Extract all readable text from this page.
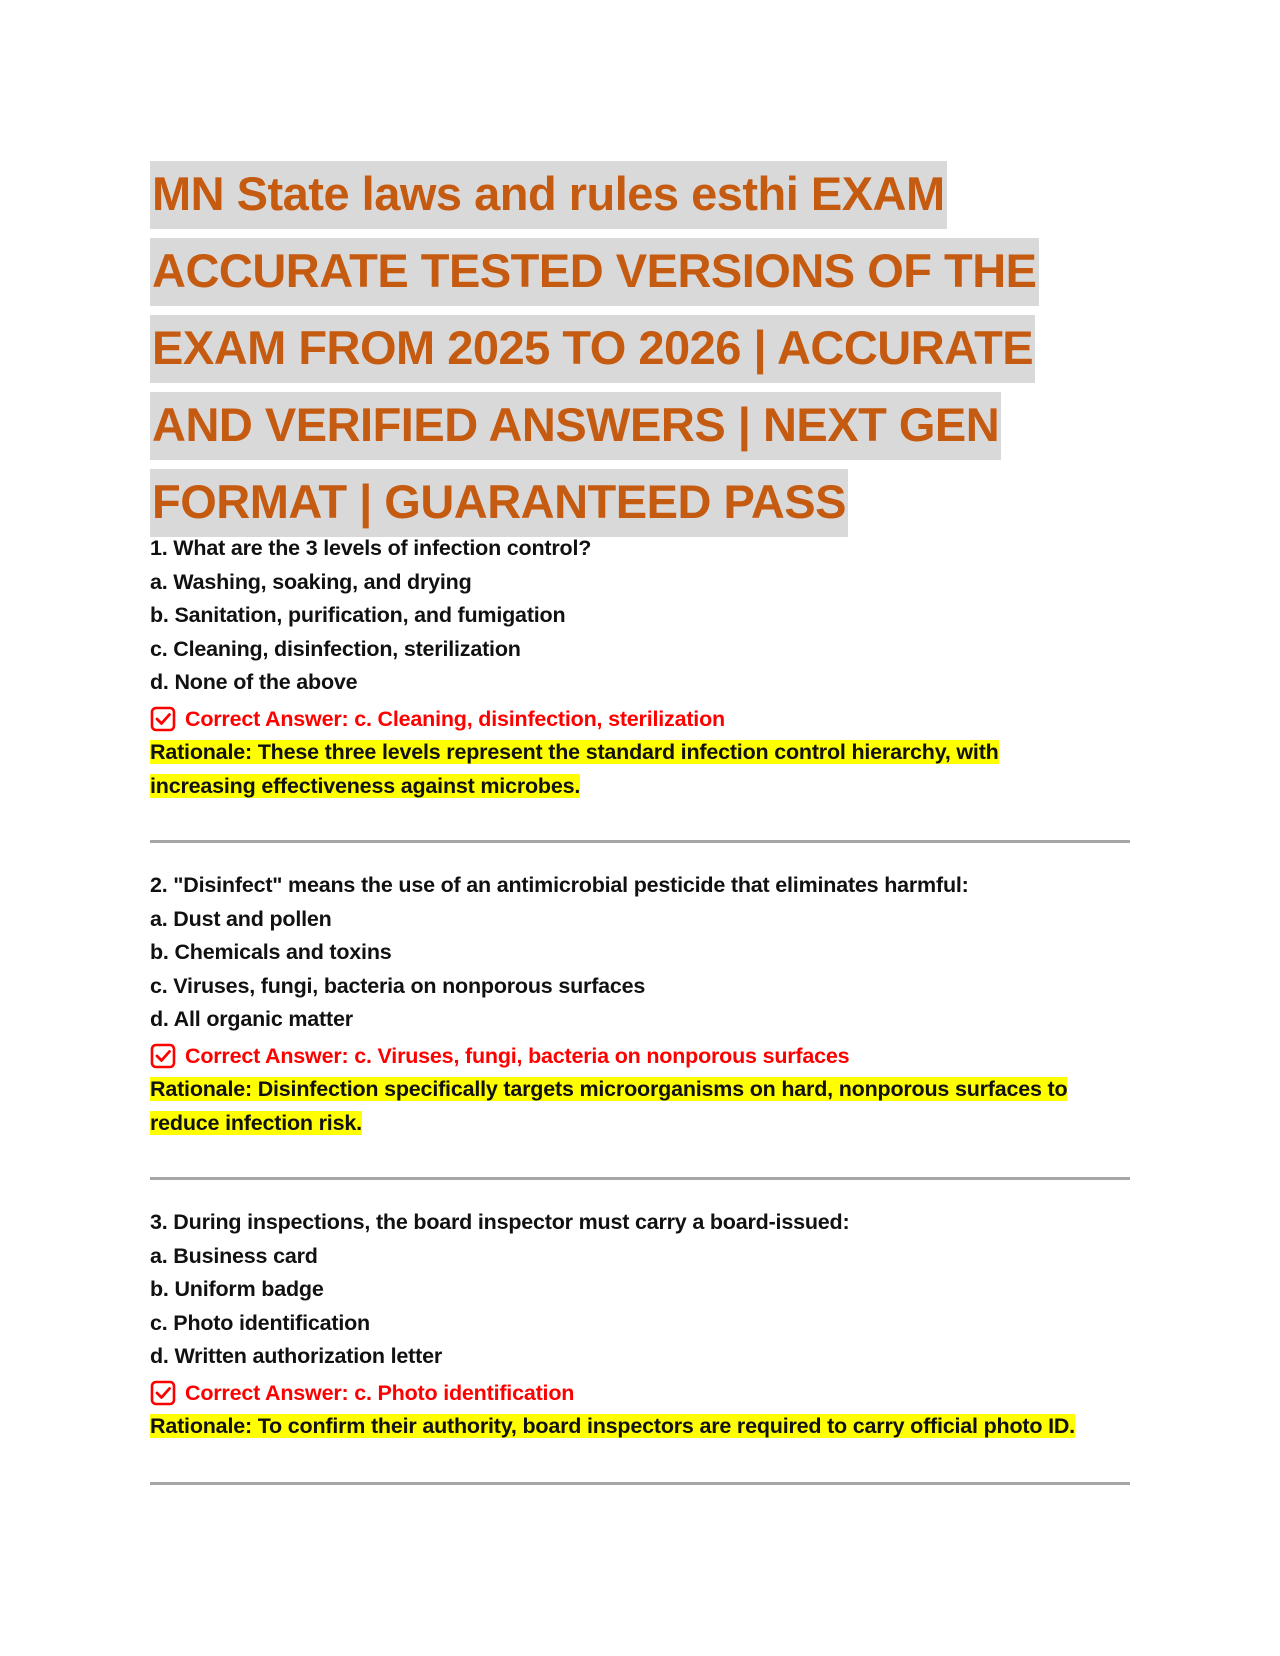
MN State laws and rules esthi EXAM
ACCURATE TESTED VERSIONS OF THE
EXAM FROM 2025 TO 2026 | ACCURATE
AND VERIFIED ANSWERS | NEXT GEN
FORMAT | GUARANTEED PASS
1. What are the 3 levels of infection control?
a. Washing, soaking, and drying
b. Sanitation, purification, and fumigation
c. Cleaning, disinfection, sterilization
d. None of the above
Correct Answer: c. Cleaning, disinfection, sterilization
Rationale: These three levels represent the standard infection control hierarchy, with
increasing effectiveness against microbes.
2. "Disinfect" means the use of an antimicrobial pesticide that eliminates harmful:
a. Dust and pollen
b. Chemicals and toxins
c. Viruses, fungi, bacteria on nonporous surfaces
d. All organic matter
Correct Answer: c. Viruses, fungi, bacteria on nonporous surfaces
Rationale: Disinfection specifically targets microorganisms on hard, nonporous surfaces to
reduce infection risk.
3. During inspections, the board inspector must carry a board-issued:
a. Business card
b. Uniform badge
c. Photo identification
d. Written authorization letter
Correct Answer: c. Photo identification
Rationale: To confirm their authority, board inspectors are required to carry official photo ID.
